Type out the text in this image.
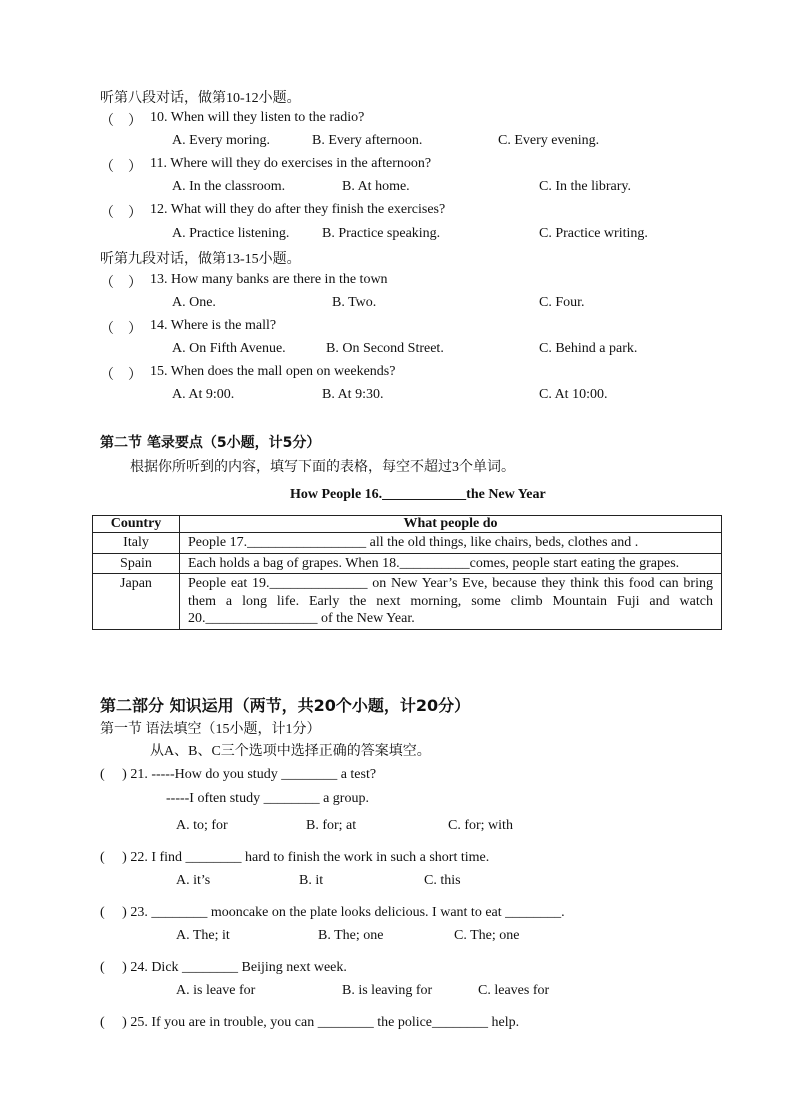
听第八段对话，做第10-12小题。
（　） 10. When will they listen to the radio?
A. Every moring.	B. Every afternoon.	C. Every evening.
（　） 11. Where will they do exercises in the afternoon?
A. In the classroom.	B. At home.	C. In the library.
（　） 12. What will they do after they finish the exercises?
A. Practice listening. B. Practice speaking.	C. Practice writing.
听第九段对话，做第13-15小题。
（　） 13. How many banks are there in the town
A. One.	B. Two.	C. Four.
（　） 14. Where is the mall?
A. On Fifth Avenue.	B. On Second Street.	C. Behind a park.
（　） 15. When does the mall open on weekends?
A. At 9:00.	B. At 9:30.	C. At 10:00.
第二节 笔录要点（5小题，计5分）
根据你所听到的内容，填写下面的表格，每空不超过3个单词。
How People 16.____________the New Year
Country	What people do
Italy	People 17._________________ all the old things, like chairs, beds, clothes and .
Spain	Each holds a bag of grapes. When 18.__________comes, people start eating the grapes.
Japan	People eat 19.______________ on New Year’s Eve, because they think this food can bring them a long life. Early the next morning, some climb Mountain Fuji and watch 20.________________ of the New Year.
第二部分 知识运用（两节，共20个小题，计20分）
第一节 语法填空（15小题，计1分）
从A、B、C三个选项中选择正确的答案填空。
( 　) 21. -----How do you study ________ a test?
-----I often study ________ a group.
A. to; for	B. for; at	C. for; with
( 　) 22. I find ________ hard to finish the work in such a short time.
A. it’s	B. it	C. this
( 　) 23. ________ mooncake on the plate looks delicious. I want to eat ________.
A. The; it	B. The; one	C. The; one
( 　) 24. Dick ________ Beijing next week.
A. is leave for	B. is leaving for	C. leaves for
( 　) 25. If you are in trouble, you can ________ the police________ help.
